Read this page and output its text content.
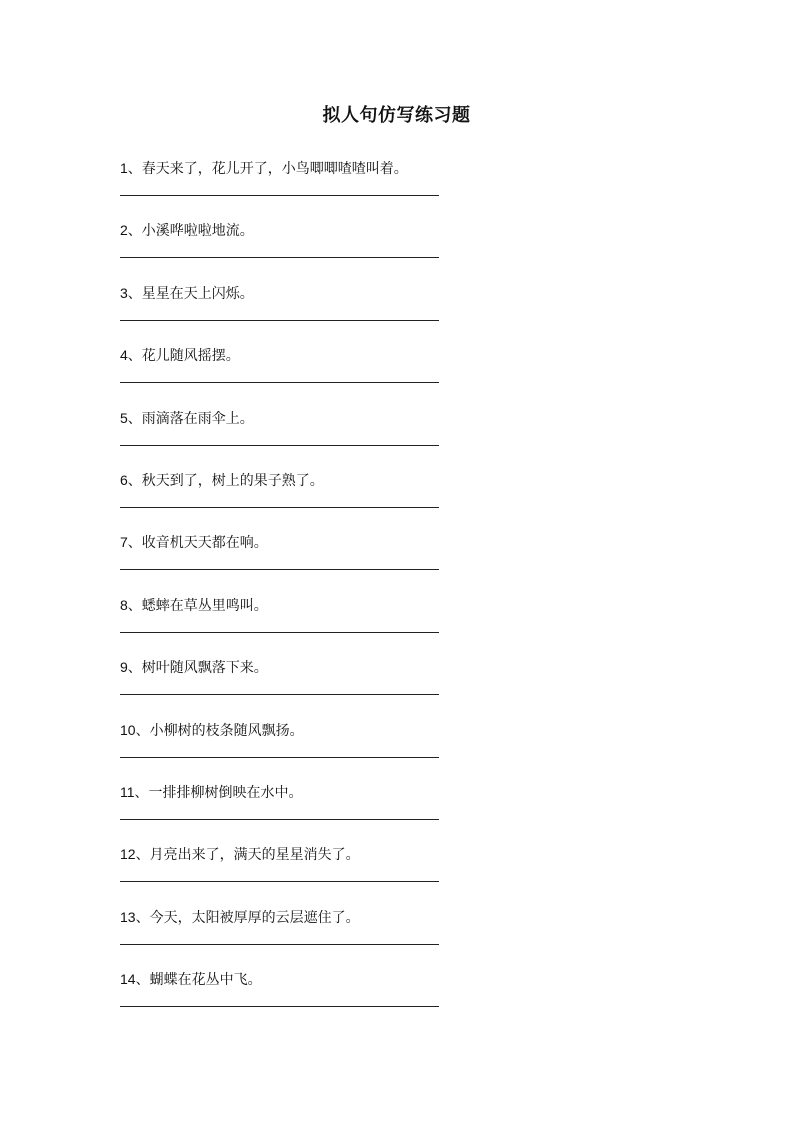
拟人句仿写练习题
1、春天来了，花儿开了，小鸟唧唧喳喳叫着。
2、小溪哗啦啦地流。
3、星星在天上闪烁。
4、花儿随风摇摆。
5、雨滴落在雨伞上。
6、秋天到了，树上的果子熟了。
7、收音机天天都在响。
8、蟋蟀在草丛里鸣叫。
9、树叶随风飘落下来。
10、小柳树的枝条随风飘扬。
11、一排排柳树倒映在水中。
12、月亮出来了，满天的星星消失了。
13、今天，太阳被厚厚的云层遮住了。
14、蝴蝶在花丛中飞。
